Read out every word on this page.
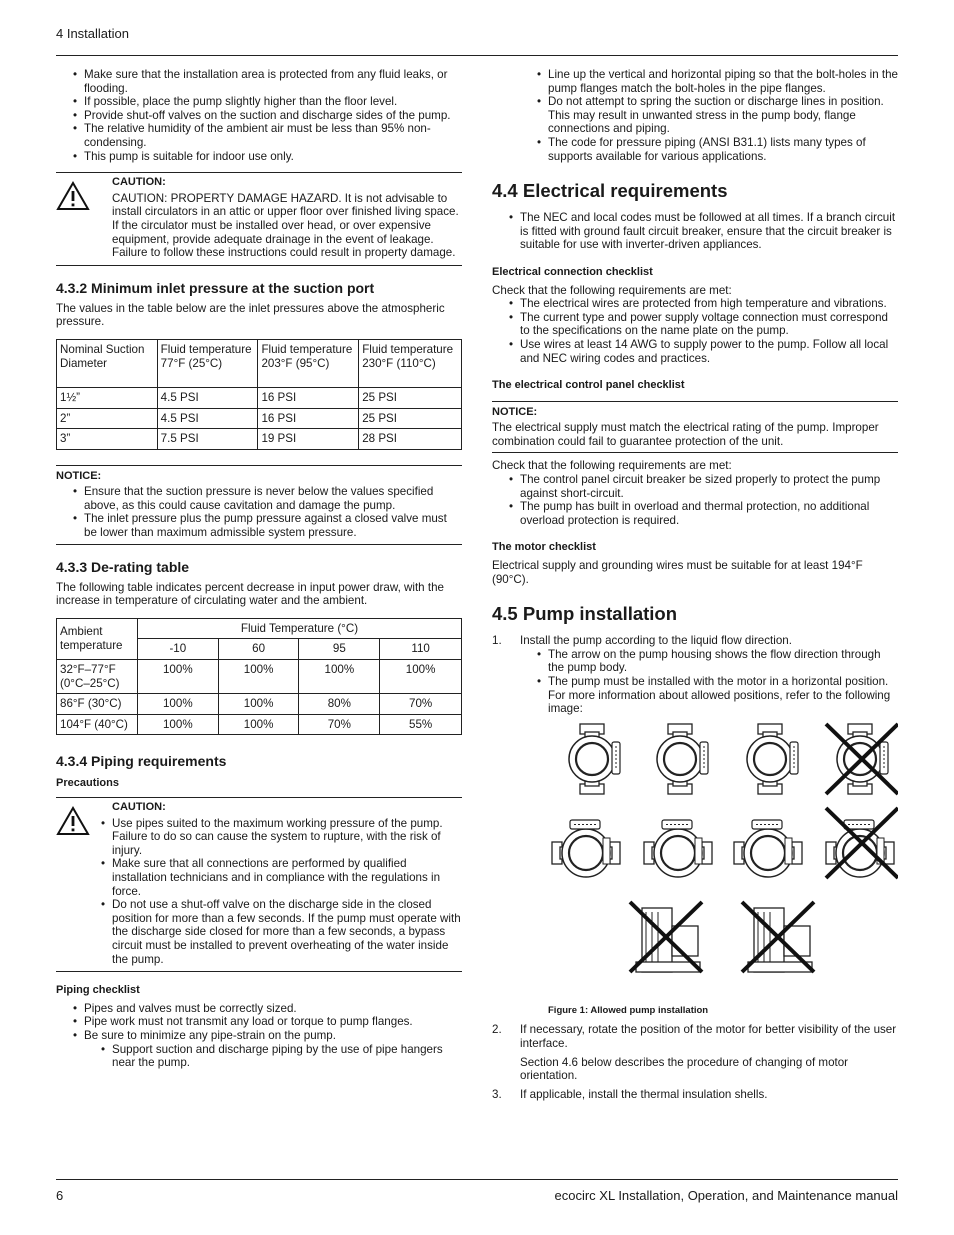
4 Installation
• Make sure that the installation area is protected from any fluid leaks, or flooding.
• If possible, place the pump slightly higher than the floor level.
• Provide shut-off valves on the suction and discharge sides of the pump.
• The relative humidity of the ambient air must be less than 95% non-condensing.
• This pump is suitable for indoor use only.
CAUTION:

CAUTION: PROPERTY DAMAGE HAZARD. It is not advisable to install circulators in an attic or upper floor over finished living space. If the circulator must be installed over head, or over expensive equipment, provide adequate drainage in the event of leakage. Failure to follow these instructions could result in property damage.

4.3.2 Minimum inlet pressure at the suction port

The values in the table below are the inlet pressures above the atmospheric pressure.

Nominal Suction Diameter	Fluid temperature 77°F (25°C)	Fluid temperature 203°F (95°C)	Fluid temperature 230°F (110°C)
1½”	4.5 PSI	16 PSI	25 PSI
2”	4.5 PSI	16 PSI	25 PSI
3”	7.5 PSI	19 PSI	28 PSI
NOTICE:
• Ensure that the suction pressure is never below the values specified above, as this could cause cavitation and damage the pump.
• The inlet pressure plus the pump pressure against a closed valve must be lower than maximum admissible system pressure.
4.3.3 De-rating table

The following table indicates percent decrease in input power draw, with the increase in temperature of circulating water and the ambient.

Ambient temperature	Fluid Temperature (°C)			
	-10	60	95	110
32°F–77°F (0°C–25°C)	100%	100%	100%	100%
86°F (30°C)	100%	100%	80%	70%
104°F (40°C)	100%	100%	70%	55%
4.3.4 Piping requirements
Precautions
CAUTION:
• Use pipes suited to the maximum working pressure of the pump. Failure to do so can cause the system to rupture, with the risk of injury.
• Make sure that all connections are performed by qualified installation technicians and in compliance with the regulations in force.
• Do not use a shut-off valve on the discharge side in the closed position for more than a few seconds. If the pump must operate with the discharge side closed for more than a few seconds, a bypass circuit must be installed to prevent overheating of the water inside the pump.
Piping checklist
• Pipes and valves must be correctly sized.
• Pipe work must not transmit any load or torque to pump flanges.
• Be sure to minimize any pipe-strain on the pump.
• Support suction and discharge piping by the use of pipe hangers near the pump.
• Line up the vertical and horizontal piping so that the bolt-holes in the pump flanges match the bolt-holes in the pipe flanges.
• Do not attempt to spring the suction or discharge lines in position. This may result in unwanted stress in the pump body, flange connections and piping.
• The code for pressure piping (ANSI B31.1) lists many types of supports available for various applications.
4.4 Electrical requirements
• The NEC and local codes must be followed at all times. If a branch circuit is fitted with ground fault circuit breaker, ensure that the circuit breaker is suitable for use with inverter-driven appliances.
Electrical connection checklist

Check that the following requirements are met:

• The electrical wires are protected from high temperature and vibrations.
• The current type and power supply voltage connection must correspond to the specifications on the name plate on the pump.
• Use wires at least 14 AWG to supply power to the pump. Follow all local and NEC wiring codes and practices.
The electrical control panel checklist
NOTICE:

The electrical supply must match the electrical rating of the pump. Improper combination could fail to guarantee protection of the unit.

Check that the following requirements are met:

• The control panel circuit breaker be sized properly to protect the pump against short-circuit.
• The pump has built in overload and thermal protection, no additional overload protection is required.
The motor checklist

Electrical supply and grounding wires must be suitable for at least 194°F (90°C).

4.5 Pump installation
1. Install the pump according to the liquid flow direction.
• The arrow on the pump housing shows the flow direction through the pump body.
• The pump must be installed with the motor in a horizontal position. For more information about allowed positions, refer to the following image:
Figure 1: Allowed pump installation
2. If necessary, rotate the position of the motor for better visibility of the user interface.

Section 4.6 below describes the procedure of changing of motor orientation.

3. If applicable, install the thermal insulation shells.
6	ecocirc XL Installation, Operation, and Maintenance manual
